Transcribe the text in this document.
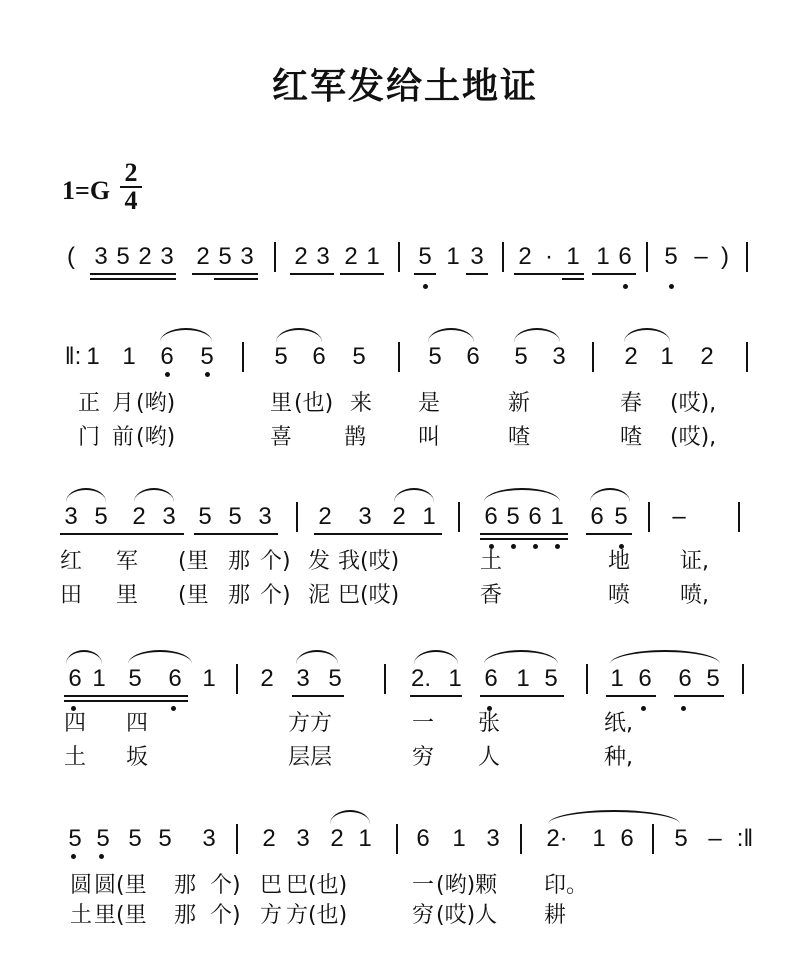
红军发给土地证
$1=G \frac{2}{4}$
( 3 5 2 3 2 5 3 2 3 2 1 5 1 3 2 · 1 1 6 5 – )
‖: 1 1 6 5	5 6 5	5 6 5 3 2 1 2
正 月 (哟)	里 (也) 来 是	新	春 (哎),
门 前 (哟)	喜 鹊 叫	喳	喳 (哎),
3 5 2 3 5 5 3 2 3 2 1 6 5 6 1 6 5 –
红 军 (里 那 个) 发 我(哎)	土	地 证,
田 里 (里 那 个) 泥 巴(哎)	香	喷 喷,
6 1 5 6 1 2 3 5	2. 1 6 1 5 1 6 6 5
四 四	方方	一 张	纸,
土 坂	层层	穷 人	种,
5 5 5 5 3 2 3 2 1 6 1 3 2· 1 6 5 – :‖
圆 圆(里 那 个) 巴 巴(也)	一 (哟)颗 印。
土 里(里 那 个) 方 方(也)	穷 (哎)人 耕
